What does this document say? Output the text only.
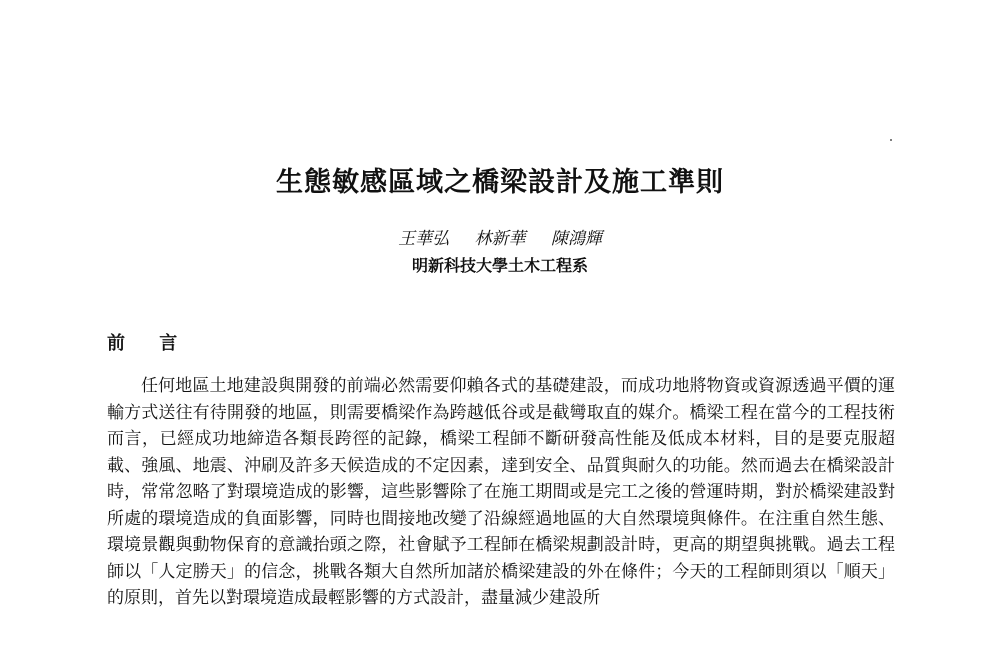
生態敏感區域之橋梁設計及施工準則
王華弘 林新華 陳鴻輝
明新科技大學土木工程系
前 言

任何地區土地建設與開發的前端必然需要仰賴各式的基礎建設，而成功地將物資或資源透過平價的運輸方式送往有待開發的地區，則需要橋梁作為跨越低谷或是截彎取直的媒介。橋梁工程在當今的工程技術而言，已經成功地締造各類長跨徑的記錄，橋梁工程師不斷研發高性能及低成本材料，目的是要克服超載、強風、地震、沖刷及許多天候造成的不定因素，達到安全、品質與耐久的功能。然而過去在橋梁設計時，常常忽略了對環境造成的影響，這些影響除了在施工期間或是完工之後的營運時期，對於橋梁建設對所處的環境造成的負面影響，同時也間接地改變了沿線經過地區的大自然環境與條件。在注重自然生態、環境景觀與動物保育的意識抬頭之際，社會賦予工程師在橋梁規劃設計時，更高的期望與挑戰。過去工程師以「人定勝天」的信念，挑戰各類大自然所加諸於橋梁建設的外在條件；今天的工程師則須以「順天」的原則，首先以對環境造成最輕影響的方式設計，盡量減少建設所
